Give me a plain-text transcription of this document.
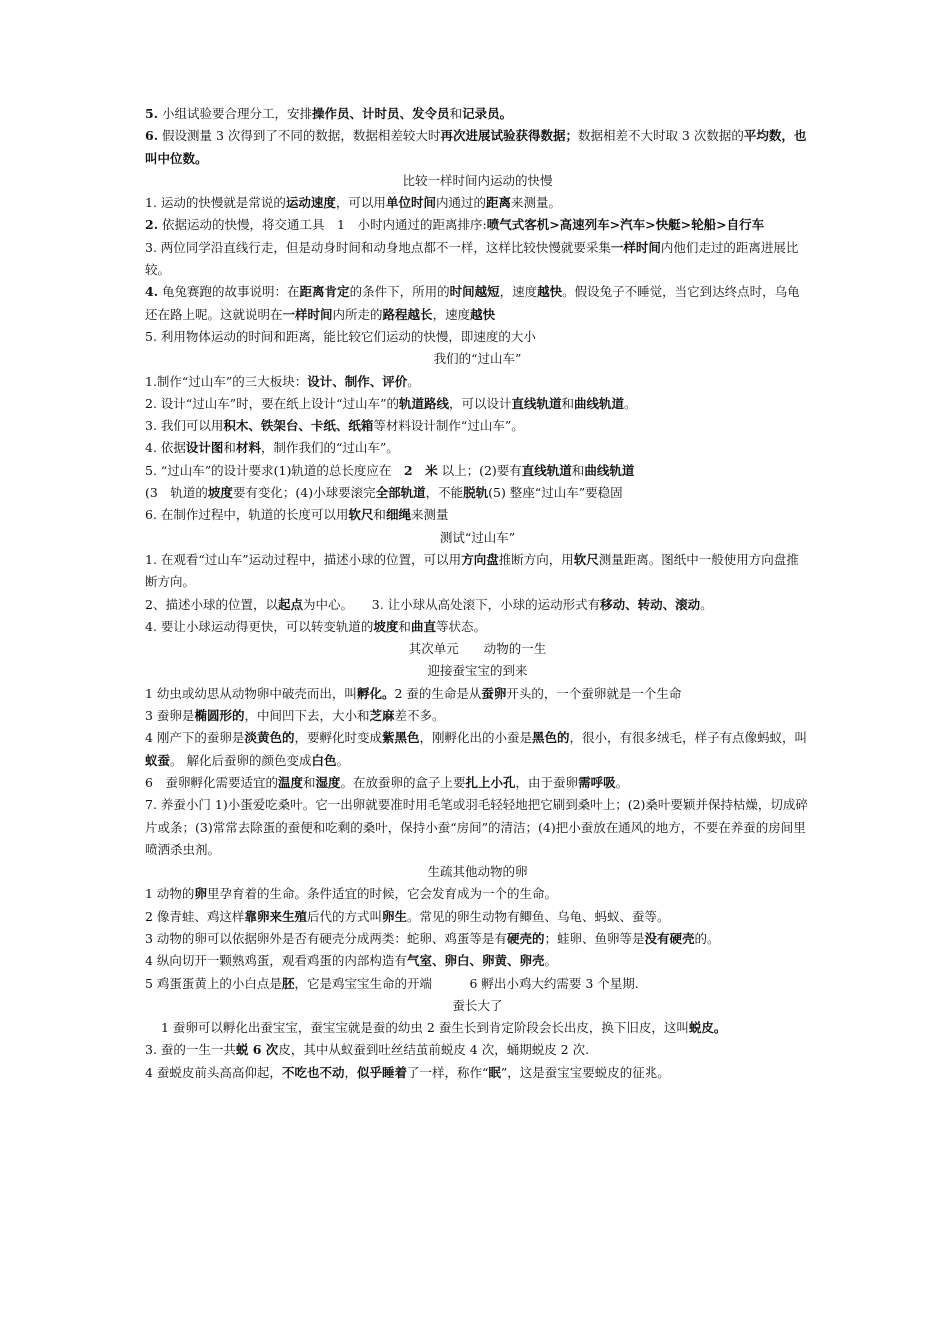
5. 小组试验要合理分工，安排操作员、计时员、发令员和记录员。

6. 假设测量 3 次得到了不同的数据，数据相差较大时再次进展试验获得数据；数据相差不大时取 3 次数据的平均数，也叫中位数。

比较一样时间内运动的快慢

1. 运动的快慢就是常说的运动速度，可以用单位时间内通过的距离来测量。

2. 依据运动的快慢，将交通工具　1　小时内通过的距离排序:喷气式客机>高速列车>汽车>快艇>轮船>自行车

3. 两位同学沿直线行走，但是动身时间和动身地点都不一样，这样比较快慢就要采集一样时间内他们走过的距离进展比较。

4. 龟兔赛跑的故事说明：在距离肯定的条件下，所用的时间越短，速度越快。假设兔子不睡觉，当它到达终点时，乌龟还在路上呢。这就说明在一样时间内所走的路程越长，速度越快

5. 利用物体运动的时间和距离，能比较它们运动的快慢，即速度的大小

我们的“过山车”

1.制作“过山车”的三大板块：设计、制作、评价。

2. 设计“过山车”时，要在纸上设计“过山车”的轨道路线，可以设计直线轨道和曲线轨道。

3. 我们可以用积木、铁架台、卡纸、纸箱等材料设计制作“过山车”。

4. 依据设计图和材料，制作我们的“过山车”。

5. “过山车”的设计要求(1)轨道的总长度应在　2　米 以上；(2)要有直线轨道和曲线轨道

(3　轨道的坡度要有变化；(4)小球要滚完全部轨道，不能脱轨(5) 整座“过山车”要稳固

6. 在制作过程中，轨道的长度可以用软尺和细绳来测量

测试“过山车”

1. 在观看“过山车”运动过程中，描述小球的位置，可以用方向盘推断方向，用软尺测量距离。图纸中一般使用方向盘推断方向。

2、描述小球的位置，以起点为中心。　　3. 让小球从高处滚下，小球的运动形式有移动、转动、滚动。

4. 要让小球运动得更快，可以转变轨道的坡度和曲直等状态。

其次单元　　动物的一生

迎接蚕宝宝的到来

1 幼虫或幼思从动物卵中破壳而出，叫孵化。2 蚕的生命是从蚕卵开头的，一个蚕卵就是一个生命

3 蚕卵是椭圆形的，中间凹下去，大小和芝麻差不多。

4 刚产下的蚕卵是淡黄色的，要孵化时变成紫黑色，刚孵化出的小蚕是黑色的，很小，有很多绒毛，样子有点像蚂蚁，叫蚁蚕。 解化后蚕卵的颜色变成白色。

6　蚕卵孵化需要适宜的温度和湿度。在放蚕卵的盒子上要扎上小孔，由于蚕卵需呼吸。

7. 养蚕小门 1)小蛋爱吃桑叶。它一出卵就要准时用毛笔或羽毛轻轻地把它刷到桑叶上；(2)桑叶要颖并保持枯燥，切成碎片或条；(3)常常去除蛋的蚕便和吃剩的桑叶，保持小蚕“房间”的清洁；(4)把小蚕放在通风的地方，不要在养蚕的房间里喷洒杀虫剂。

生疏其他动物的卵

1 动物的卵里孕育着的生命。条件适宜的时候，它会发育成为一个的生命。

2 像青蛙、鸡这样靠卵来生殖后代的方式叫卵生。常见的卵生动物有鲫鱼、乌龟、蚂蚁、蚕等。

3 动物的卵可以依据卵外是否有硬壳分成两类：蛇卵、鸡蛋等是有硬壳的；蛙卵、鱼卵等是没有硬壳的。

4 纵向切开一颗熟鸡蛋，观看鸡蛋的内部构造有气室、卵白、卵黄、卵壳。

5 鸡蛋蛋黄上的小白点是胚，它是鸡宝宝生命的开端　　　6 孵出小鸡大约需要 3 个星期.

蚕长大了

1 蚕卵可以孵化出蚕宝宝，蚕宝宝就是蚕的幼虫 2 蚕生长到肯定阶段会长出皮，换下旧皮，这叫蜕皮。

3. 蚕的一生一共蜕 6 次皮，其中从蚁蚕到吐丝结茧前蜕皮 4 次，蛹期蜕皮 2 次.

4 蚕蜕皮前头高高仰起，不吃也不动，似乎睡着了一样，称作“眠”，这是蚕宝宝要蜕皮的征兆。
